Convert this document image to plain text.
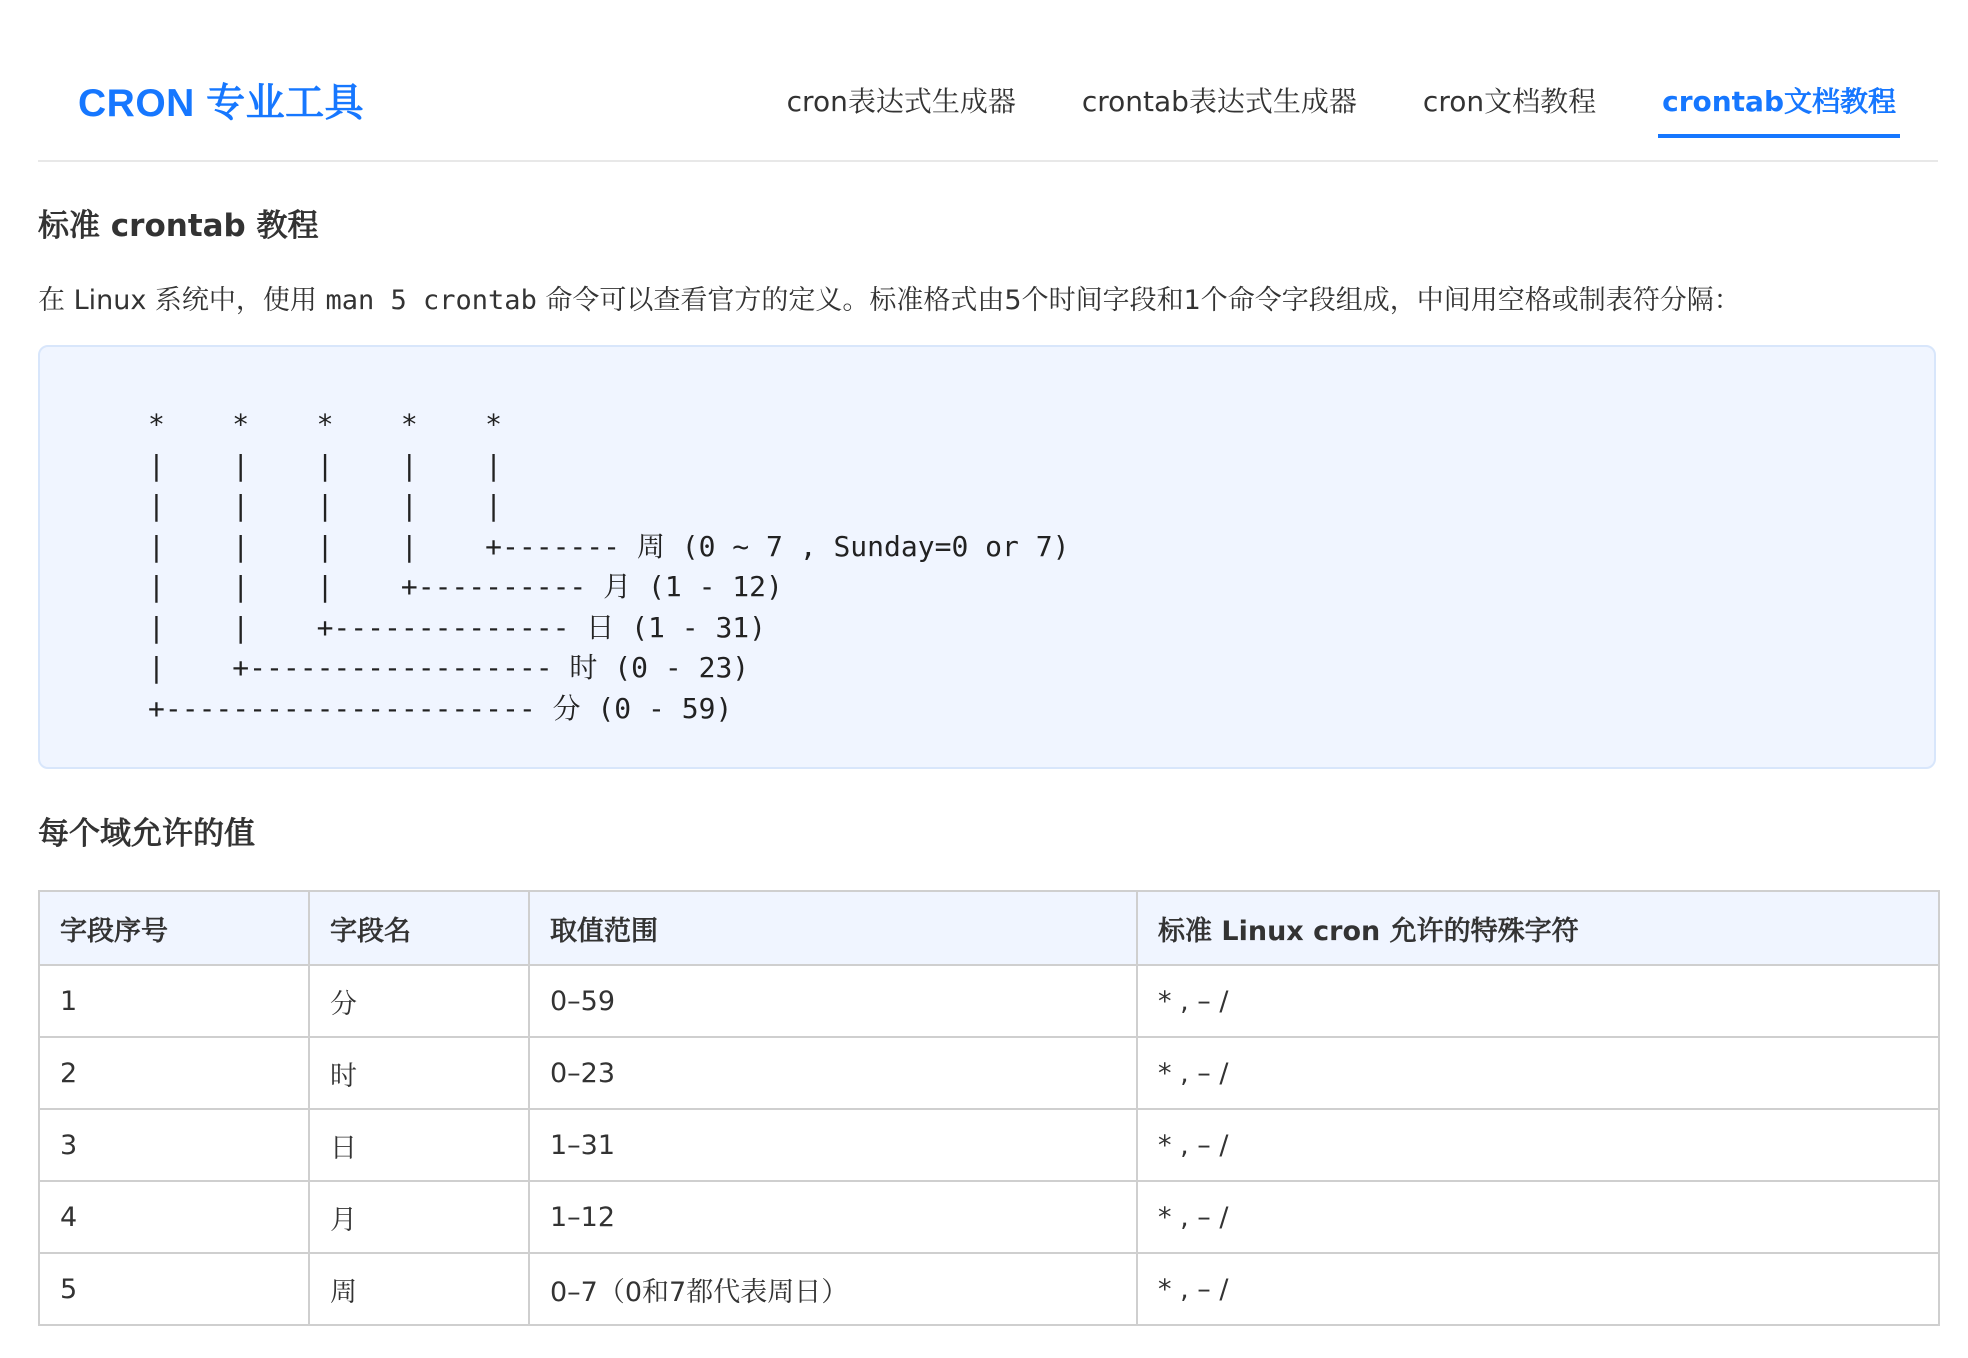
CRON 专业工具	cron表达式生成器 crontab表达式生成器 cron文档教程 crontab文档教程
标准 crontab 教程
在 Linux 系统中，使用 man 5 crontab 命令可以查看官方的定义。标准格式由5个时间字段和1个命令字段组成，中间用空格或制表符分隔：
*    *    *    *    *
|    |    |    |    |
|    |    |    |    |
|    |    |    |    +------- 周 (0 ~ 7 , Sunday=0 or 7)
|    |    |    +---------- 月 (1 - 12)
|    |    +-------------- 日 (1 - 31)
|    +------------------ 时 (0 - 23)
+---------------------- 分 (0 - 59)
每个域允许的值
字段序号	字段名	取值范围	标准 Linux cron 允许的特殊字符
1	分	0–59	* , – /
2	时	0–23	* , – /
3	日	1–31	* , – /
4	月	1–12	* , – /
5	周	0–7（0和7都代表周日）	* , – /
